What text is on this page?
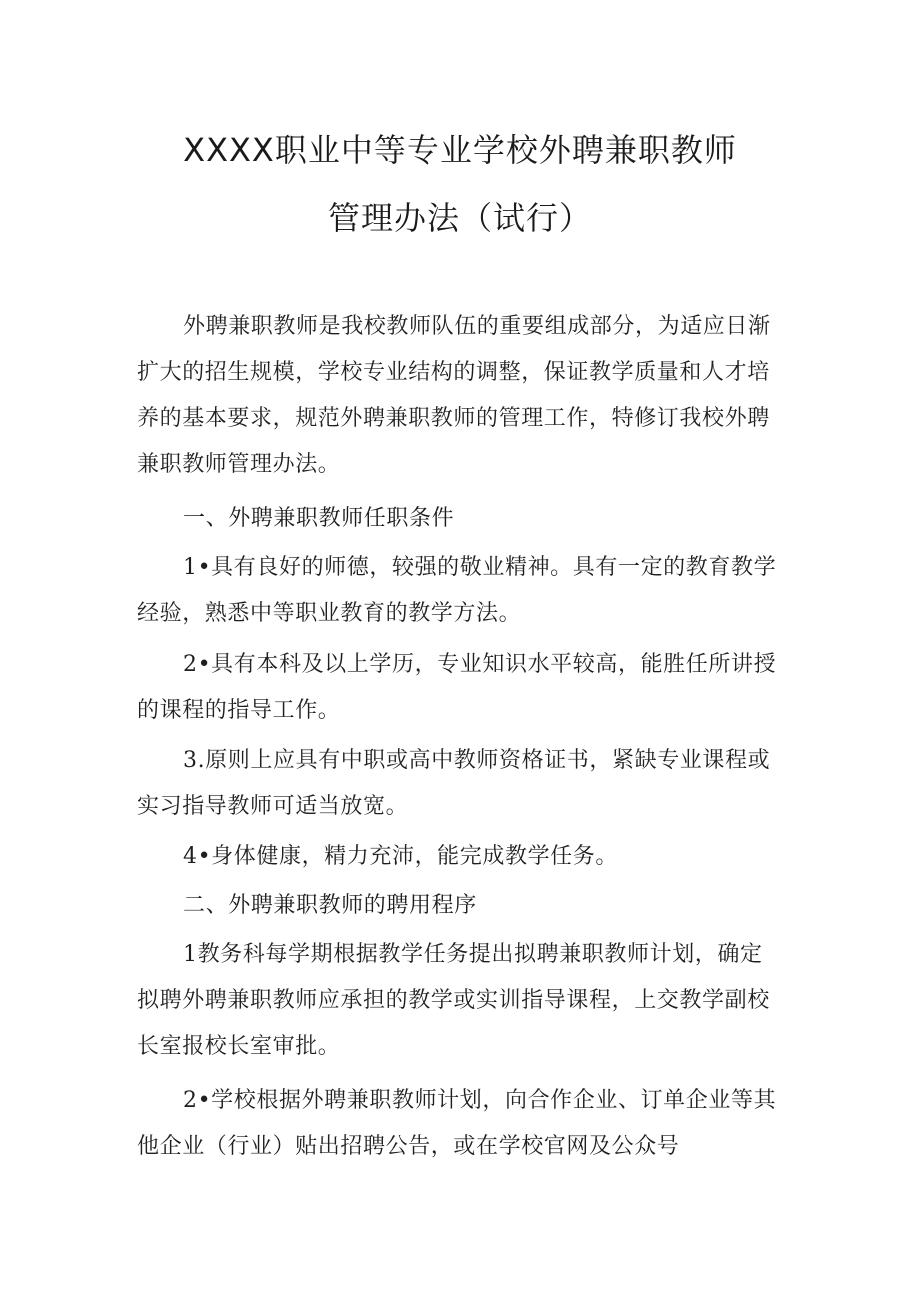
XXXX职业中等专业学校外聘兼职教师
管理办法（试行）
外聘兼职教师是我校教师队伍的重要组成部分，为适应日渐
扩大的招生规模，学校专业结构的调整，保证教学质量和人才培
养的基本要求，规范外聘兼职教师的管理工作，特修订我校外聘
兼职教师管理办法。
一、外聘兼职教师任职条件
1•具有良好的师德，较强的敬业精神。具有一定的教育教学
经验，熟悉中等职业教育的教学方法。
2•具有本科及以上学历，专业知识水平较高，能胜任所讲授
的课程的指导工作。
3.原则上应具有中职或高中教师资格证书，紧缺专业课程或
实习指导教师可适当放宽。
4•身体健康，精力充沛，能完成教学任务。
二、外聘兼职教师的聘用程序
1教务科每学期根据教学任务提出拟聘兼职教师计划，确定
拟聘外聘兼职教师应承担的教学或实训指导课程，上交教学副校
长室报校长室审批。
2•学校根据外聘兼职教师计划，向合作企业、订单企业等其
他企业（行业）贴出招聘公告，或在学校官网及公众号
